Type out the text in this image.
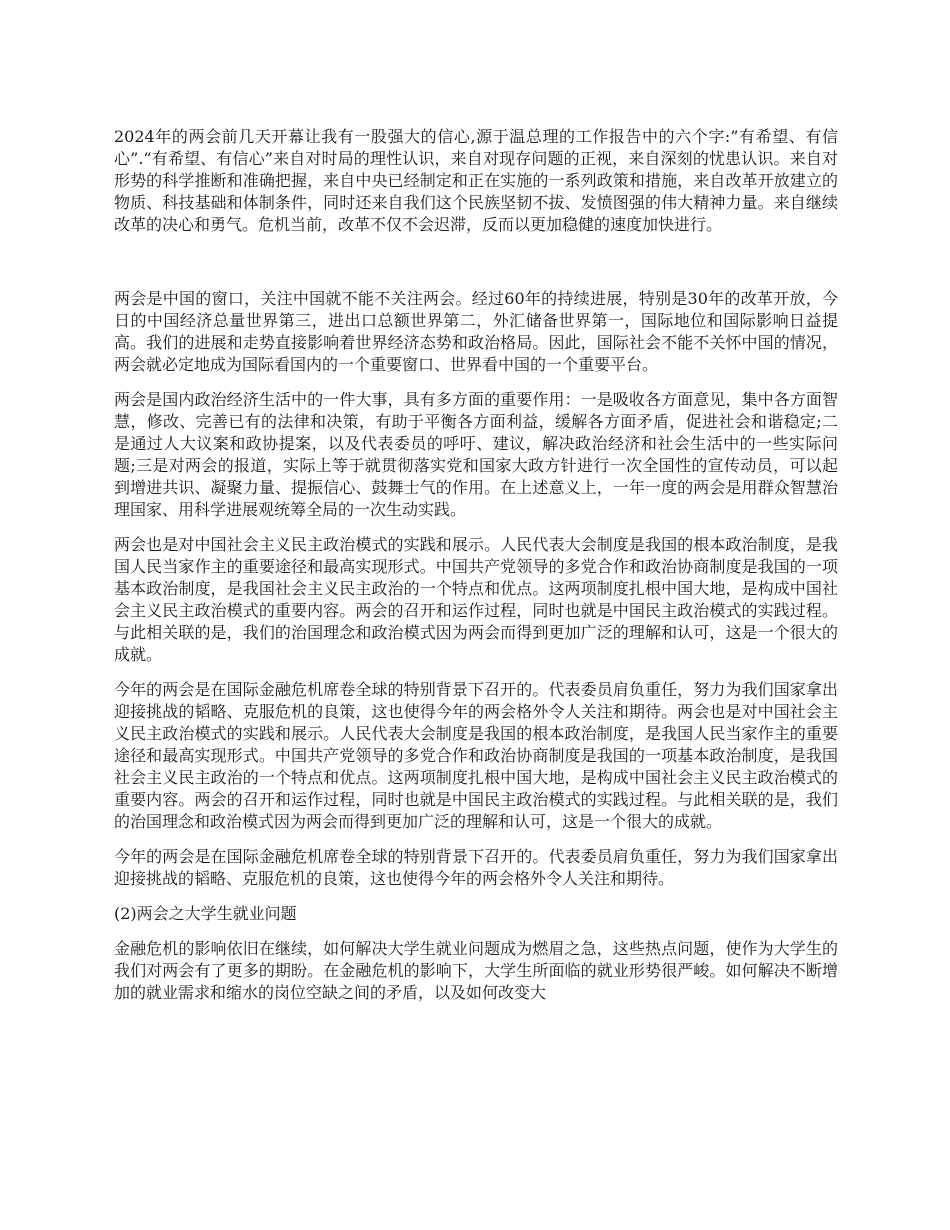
2024年的两会前几天开幕让我有一股强大的信心,源于温总理的工作报告中的六个字:”有希望、有信心”.“有希望、有信心”来自对时局的理性认识，来自对现存问题的正视，来自深刻的忧患认识。来自对形势的科学推断和准确把握，来自中央已经制定和正在实施的一系列政策和措施，来自改革开放建立的物质、科技基础和体制条件，同时还来自我们这个民族坚韧不拔、发愤图强的伟大精神力量。来自继续改革的决心和勇气。危机当前，改革不仅不会迟滞，反而以更加稳健的速度加快进行。

两会是中国的窗口，关注中国就不能不关注两会。经过60年的持续进展，特别是30年的改革开放，今日的中国经济总量世界第三，进出口总额世界第二，外汇储备世界第一，国际地位和国际影响日益提高。我们的进展和走势直接影响着世界经济态势和政治格局。因此，国际社会不能不关怀中国的情况，两会就必定地成为国际看国内的一个重要窗口、世界看中国的一个重要平台。

两会是国内政治经济生活中的一件大事，具有多方面的重要作用：一是吸收各方面意见，集中各方面智慧，修改、完善已有的法律和决策，有助于平衡各方面利益，缓解各方面矛盾，促进社会和谐稳定;二是通过人大议案和政协提案，以及代表委员的呼吁、建议，解决政治经济和社会生活中的一些实际问题;三是对两会的报道，实际上等于就贯彻落实党和国家大政方针进行一次全国性的宣传动员，可以起到增进共识、凝聚力量、提振信心、鼓舞士气的作用。在上述意义上，一年一度的两会是用群众智慧治理国家、用科学进展观统筹全局的一次生动实践。

两会也是对中国社会主义民主政治模式的实践和展示。人民代表大会制度是我国的根本政治制度，是我国人民当家作主的重要途径和最高实现形式。中国共产党领导的多党合作和政治协商制度是我国的一项基本政治制度，是我国社会主义民主政治的一个特点和优点。这两项制度扎根中国大地，是构成中国社会主义民主政治模式的重要内容。两会的召开和运作过程，同时也就是中国民主政治模式的实践过程。与此相关联的是，我们的治国理念和政治模式因为两会而得到更加广泛的理解和认可，这是一个很大的成就。

今年的两会是在国际金融危机席卷全球的特别背景下召开的。代表委员肩负重任，努力为我们国家拿出迎接挑战的韬略、克服危机的良策，这也使得今年的两会格外令人关注和期待。两会也是对中国社会主义民主政治模式的实践和展示。人民代表大会制度是我国的根本政治制度，是我国人民当家作主的重要途径和最高实现形式。中国共产党领导的多党合作和政治协商制度是我国的一项基本政治制度，是我国社会主义民主政治的一个特点和优点。这两项制度扎根中国大地，是构成中国社会主义民主政治模式的重要内容。两会的召开和运作过程，同时也就是中国民主政治模式的实践过程。与此相关联的是，我们的治国理念和政治模式因为两会而得到更加广泛的理解和认可，这是一个很大的成就。

今年的两会是在国际金融危机席卷全球的特别背景下召开的。代表委员肩负重任，努力为我们国家拿出迎接挑战的韬略、克服危机的良策，这也使得今年的两会格外令人关注和期待。

(2)两会之大学生就业问题

金融危机的影响依旧在继续，如何解决大学生就业问题成为燃眉之急，这些热点问题，使作为大学生的我们对两会有了更多的期盼。在金融危机的影响下，大学生所面临的就业形势很严峻。如何解决不断增加的就业需求和缩水的岗位空缺之间的矛盾，以及如何改变大
